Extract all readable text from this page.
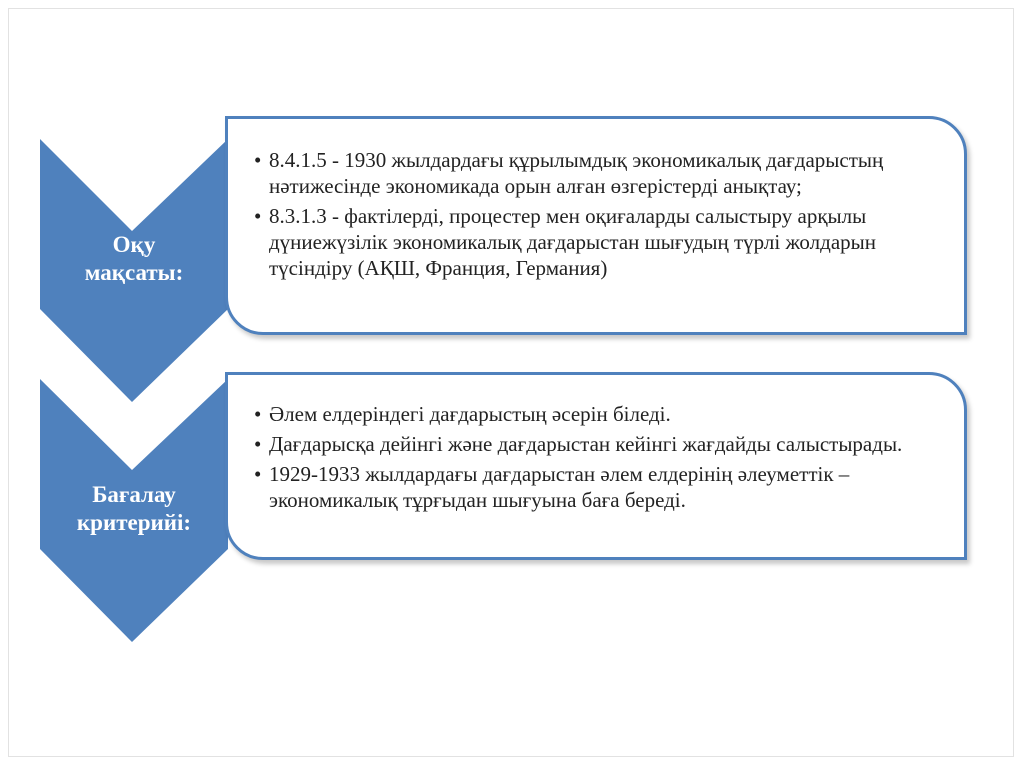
Оқу
мақсаты:
Бағалау
критерийі:
• 8.4.1.5 - 1930 жылдардағы құрылымдық экономикалық дағдарыстың нәтижесінде экономикада орын алған өзгерістерді анықтау;
• 8.3.1.3 - фактілерді, процестер мен оқиғаларды салыстыру арқылы дүниежүзілік экономикалық дағдарыстан шығудың түрлі жолдарын түсіндіру (АҚШ, Франция, Германия)
• Әлем елдеріндегі дағдарыстың әсерін біледі.
• Дағдарысқа дейінгі және дағдарыстан кейінгі жағдайды салыстырады.
• 1929-1933 жылдардағы дағдарыстан әлем елдерінің әлеуметтік – экономикалық тұрғыдан шығуына баға береді.
